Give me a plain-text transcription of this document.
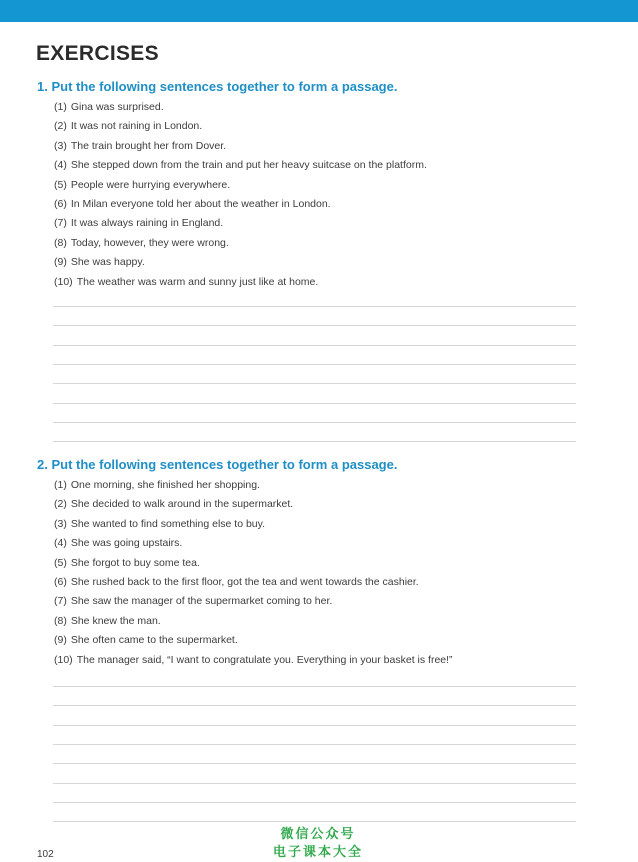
EXERCISES
1. Put the following sentences together to form a passage.
(1) Gina was surprised.
(2) It was not raining in London.
(3) The train brought her from Dover.
(4) She stepped down from the train and put her heavy suitcase on the platform.
(5) People were hurrying everywhere.
(6) In Milan everyone told her about the weather in London.
(7) It was always raining in England.
(8) Today, however, they were wrong.
(9) She was happy.
(10) The weather was warm and sunny just like at home.
2. Put the following sentences together to form a passage.
(1) One morning, she finished her shopping.
(2) She decided to walk around in the supermarket.
(3) She wanted to find something else to buy.
(4) She was going upstairs.
(5) She forgot to buy some tea.
(6) She rushed back to the first floor, got the tea and went towards the cashier.
(7) She saw the manager of the supermarket coming to her.
(8) She knew the man.
(9) She often came to the supermarket.
(10) The manager said, “I want to congratulate you. Everything in your basket is free!”
微信公众号
电子课本大全
102
